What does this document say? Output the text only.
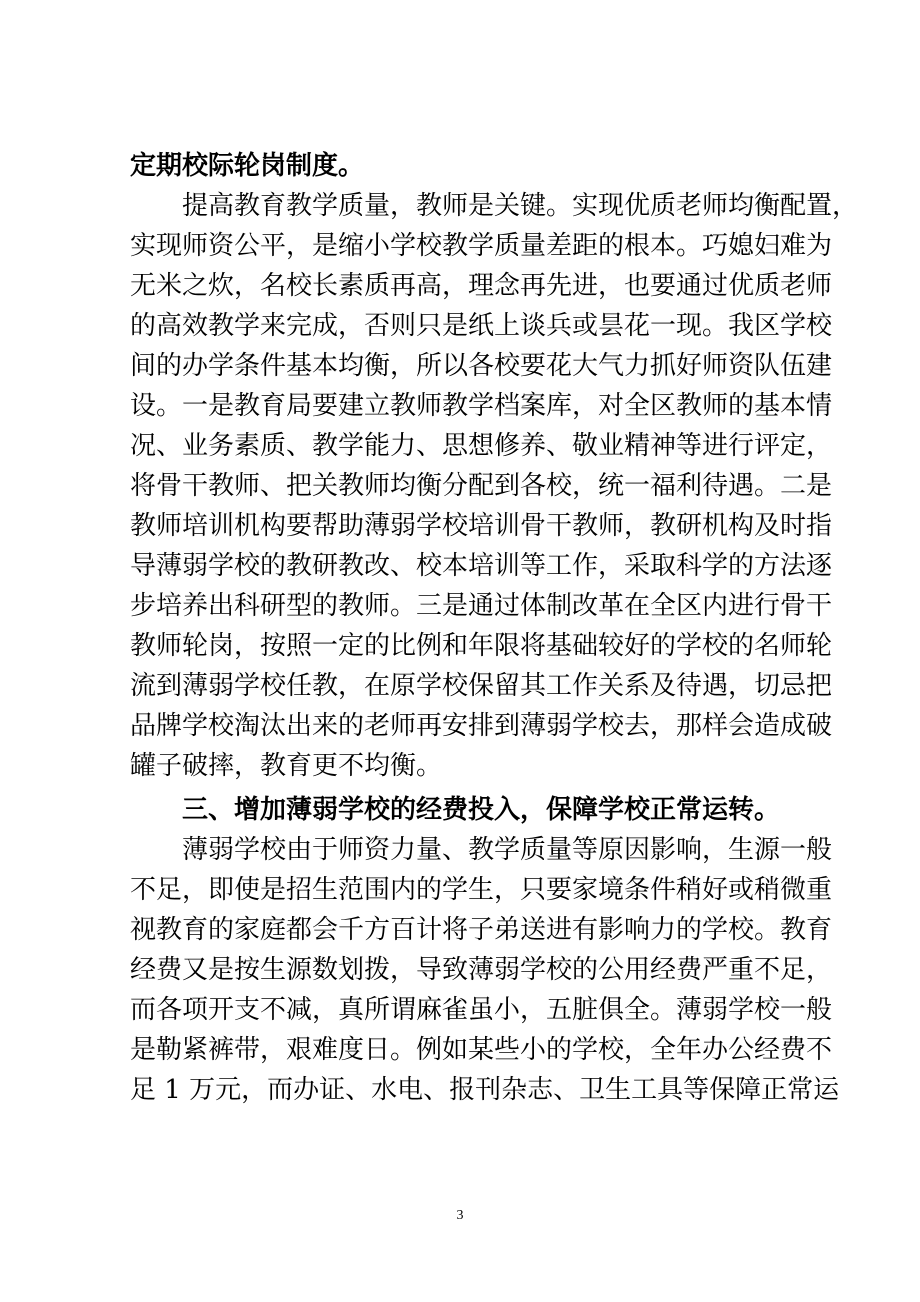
定期校际轮岗制度。
提高教育教学质量，教师是关键。实现优质老师均衡配置，
实现师资公平，是缩小学校教学质量差距的根本。巧媳妇难为
无米之炊，名校长素质再高，理念再先进，也要通过优质老师
的高效教学来完成，否则只是纸上谈兵或昙花一现。我区学校
间的办学条件基本均衡，所以各校要花大气力抓好师资队伍建
设。一是教育局要建立教师教学档案库，对全区教师的基本情
况、业务素质、教学能力、思想修养、敬业精神等进行评定，
将骨干教师、把关教师均衡分配到各校，统一福利待遇。二是
教师培训机构要帮助薄弱学校培训骨干教师，教研机构及时指
导薄弱学校的教研教改、校本培训等工作，采取科学的方法逐
步培养出科研型的教师。三是通过体制改革在全区内进行骨干
教师轮岗，按照一定的比例和年限将基础较好的学校的名师轮
流到薄弱学校任教，在原学校保留其工作关系及待遇，切忌把
品牌学校淘汰出来的老师再安排到薄弱学校去，那样会造成破
罐子破摔，教育更不均衡。
三、增加薄弱学校的经费投入，保障学校正常运转。
薄弱学校由于师资力量、教学质量等原因影响，生源一般
不足，即使是招生范围内的学生，只要家境条件稍好或稍微重
视教育的家庭都会千方百计将子弟送进有影响力的学校。教育
经费又是按生源数划拨，导致薄弱学校的公用经费严重不足，
而各项开支不减，真所谓麻雀虽小，五脏俱全。薄弱学校一般
是勒紧裤带，艰难度日。例如某些小的学校，全年办公经费不
足 1 万元，而办证、水电、报刊杂志、卫生工具等保障正常运
3
